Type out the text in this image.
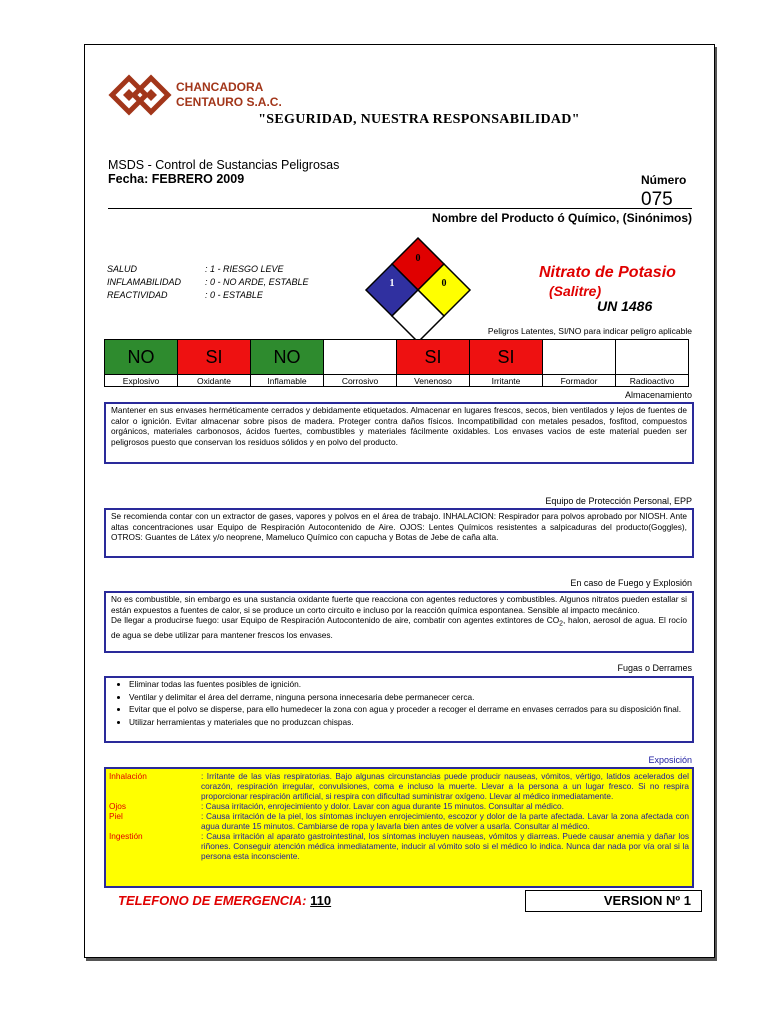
CHANCADORA
CENTAURO S.A.C.
"SEGURIDAD, NUESTRA RESPONSABILIDAD"
MSDS - Control de Sustancias Peligrosas
Fecha: FEBRERO 2009	Número
075
Nombre del Producto ó Químico, (Sinónimos)
SALUD	: 1 - RIESGO LEVE
INFLAMABILIDAD	: 0 - NO ARDE, ESTABLE
REACTIVIDAD	: 0 - ESTABLE
0
1	0
Nitrato de Potasio
(Salitre)
UN 1486
Peligros Latentes, SI/NO para indicar peligro aplicable
NO	SI	NO		SI	SI		
Explosivo	Oxidante	Inflamable	Corrosivo	Venenoso	Irritante	Formador	Radioactivo
Almacenamiento

Mantener en sus envases herméticamente cerrados y debidamente etiquetados. Almacenar en lugares frescos, secos, bien ventilados y lejos de fuentes de calor o ignición. Evitar almacenar sobre pisos de madera. Proteger contra daños físicos. Incompatibilidad con metales pesados, fosfitod, compuestos orgánicos, materiales carbonosos, ácidos fuertes, combustibles y materiales fácilmente oxidables. Los envases vacios de este material pueden ser peligrosos puesto que conservan los residuos sólidos y en polvo del producto.

Equipo de Protección Personal, EPP

Se recomienda contar con un extractor de gases, vapores y polvos en el área de trabajo. INHALACION: Respirador para polvos aprobado por NIOSH. Ante altas concentraciones usar Equipo de Respiración Autocontenido de Aire. OJOS: Lentes Químicos resistentes a salpicaduras del producto(Goggles), OTROS: Guantes de Látex y/o neoprene, Mameluco Químico con capucha y Botas de Jebe de caña alta.

En caso de Fuego y Explosión

No es combustible, sin embargo es una sustancia oxidante fuerte que reacciona con agentes reductores y combustibles. Algunos nitratos pueden estallar si están expuestos a fuentes de calor, si se produce un corto circuito e incluso por la reacción química espontanea. Sensible al impacto mecánico.

De llegar a producirse fuego: usar Equipo de Respiración Autocontenido de aire, combatir con agentes extintores de $CO_2$, halon, aerosol de agua. El rocío de agua se debe utilizar para mantener frescos los envases.

Fugas o Derrames
• Eliminar todas las fuentes posibles de ignición.
• Ventilar y delimitar el área del derrame, ninguna persona innecesaria debe permanecer cerca.
• Evitar que el polvo se disperse, para ello humedecer la zona con agua y proceder a recoger el derrame en envases cerrados para su disposición final.
• Utilizar herramientas y materiales que no produzcan chispas.
Exposición
Inhalación	: Irritante de las vías respiratorias. Bajo algunas circunstancias puede producir nauseas, vómitos, vértigo, latidos acelerados del corazón, respiración irregular, convulsiones, coma e incluso la muerte. Llevar a la persona a un lugar fresco. Si no respira proporcionar respiración artificial, si respira con dificultad suministrar oxígeno. Llevar al médico inmediatamente.
Ojos	: Causa irritación, enrojecimiento y dolor. Lavar con agua durante 15 minutos. Consultar al médico.
Piel	: Causa irritación de la piel, los síntomas incluyen enrojecimiento, escozor y dolor de la parte afectada. Lavar la zona afectada con agua durante 15 minutos. Cambiarse de ropa y lavarla bien antes de volver a usarla. Consultar al médico.
Ingestión	: Causa irritación al aparato gastrointestinal, los síntomas incluyen nauseas, vómitos y diarreas. Puede causar anemia y dañar los riñones. Conseguir atención médica inmediatamente, inducir al vómito solo si el médico lo indica. Nunca dar nada por vía oral si la persona esta inconsciente.
TELEFONO DE EMERGENCIA: 110	VERSION Nº 1
